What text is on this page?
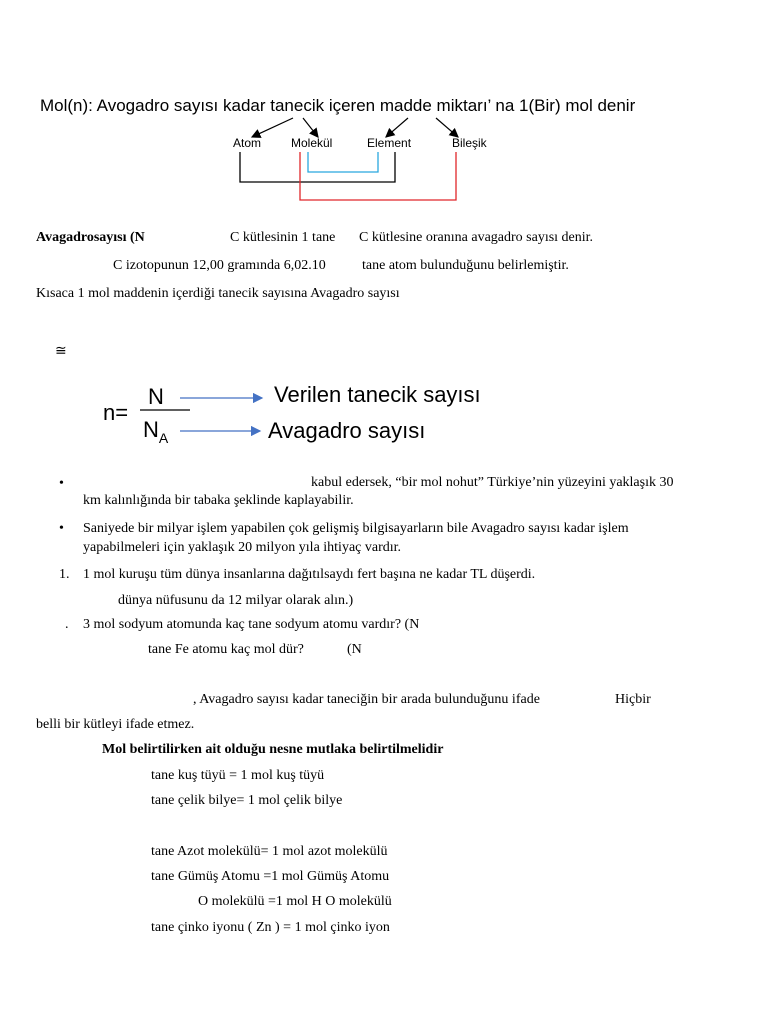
Mol(n): Avogadro sayısı kadar tanecik içeren madde miktarı’ na 1(Bir) mol denir
Atom Molekül	Element	Bileşik
Avagadrosayısı (N	C kütlesinin 1 tane C kütlesine oranına avagadro sayısı denir.
C izotopunun 12,00 gramında 6,02.10	tane atom bulunduğunu belirlemiştir.
Kısaca 1 mol maddenin içerdiği tanecik sayısına Avagadro sayısı
≅
n=
N
$N_A$
Verilen tanecik sayısı
Avagadro sayısı
•	kabul edersek, “bir mol nohut” Türkiye’nin yüzeyini yaklaşık 30
km kalınlığında bir tabaka şeklinde kaplayabilir.
• Saniyede bir milyar işlem yapabilen çok gelişmiş bilgisayarların bile Avagadro sayısı kadar işlem
yapabilmeleri için yaklaşık 20 milyon yıla ihtiyaç vardır.
1. 1 mol kuruşu tüm dünya insanlarına dağıtılsaydı fert başına ne kadar TL düşerdi.
dünya nüfusunu da 12 milyar olarak alın.)
. 3 mol sodyum atomunda kaç tane sodyum atomu vardır? (N
tane Fe atomu kaç mol dür?	(N
, Avagadro sayısı kadar taneciğin bir arada bulunduğunu ifade	Hiçbir
belli bir kütleyi ifade etmez.
Mol belirtilirken ait olduğu nesne mutlaka belirtilmelidir
tane kuş tüyü = 1 mol kuş tüyü
tane çelik bilye= 1 mol çelik bilye
tane Azot molekülü= 1 mol azot molekülü
tane Gümüş Atomu =1 mol Gümüş Atomu
O molekülü =1 mol H O molekülü
tane çinko iyonu ( Zn ) = 1 mol çinko iyon
